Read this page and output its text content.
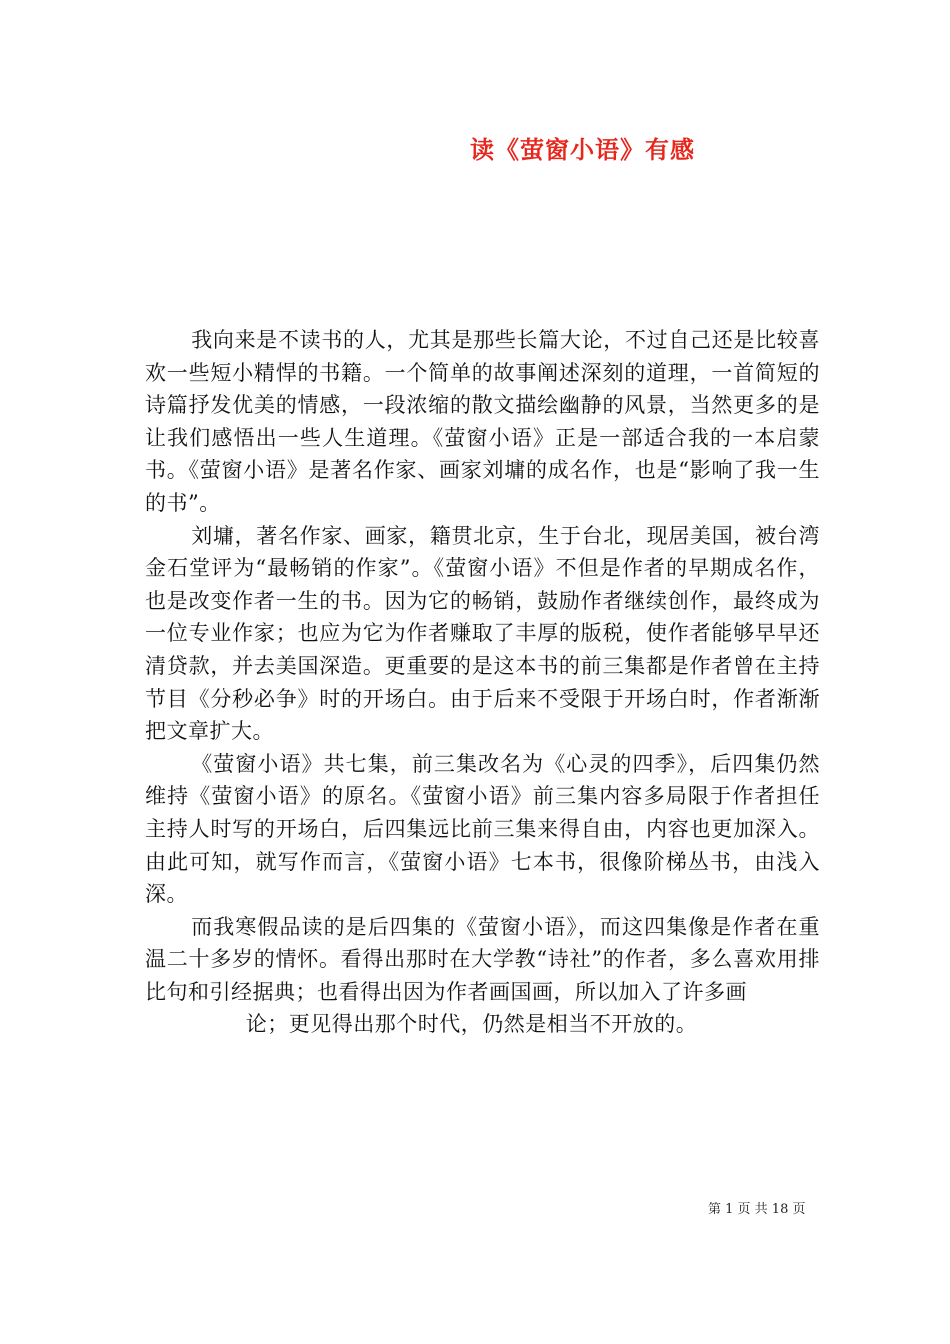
读《萤窗小语》有感

我向来是不读书的人，尤其是那些长篇大论，不过自己还是比较喜欢一些短小精悍的书籍。一个简单的故事阐述深刻的道理，一首简短的诗篇抒发优美的情感，一段浓缩的散文描绘幽静的风景，当然更多的是让我们感悟出一些人生道理。《萤窗小语》正是一部适合我的一本启蒙书。《萤窗小语》是著名作家、画家刘墉的成名作，也是“影响了我一生的书”。

刘墉，著名作家、画家，籍贯北京，生于台北，现居美国，被台湾金石堂评为“最畅销的作家”。《萤窗小语》不但是作者的早期成名作，也是改变作者一生的书。因为它的畅销，鼓励作者继续创作，最终成为一位专业作家；也应为它为作者赚取了丰厚的版税，使作者能够早早还清贷款，并去美国深造。更重要的是这本书的前三集都是作者曾在主持节目《分秒必争》时的开场白。由于后来不受限于开场白时，作者渐渐把文章扩大。

《萤窗小语》共七集，前三集改名为《心灵的四季》，后四集仍然维持《萤窗小语》的原名。《萤窗小语》前三集内容多局限于作者担任主持人时写的开场白，后四集远比前三集来得自由，内容也更加深入。由此可知，就写作而言，《萤窗小语》七本书，很像阶梯丛书，由浅入深。

而我寒假品读的是后四集的《萤窗小语》，而这四集像是作者在重温二十多岁的情怀。看得出那时在大学教“诗社”的作者，多么喜欢用排比句和引经据典；也看得出因为作者画国画，所以加入了许多画

论；更见得出那个时代，仍然是相当不开放的。

第 1 页 共 18 页
